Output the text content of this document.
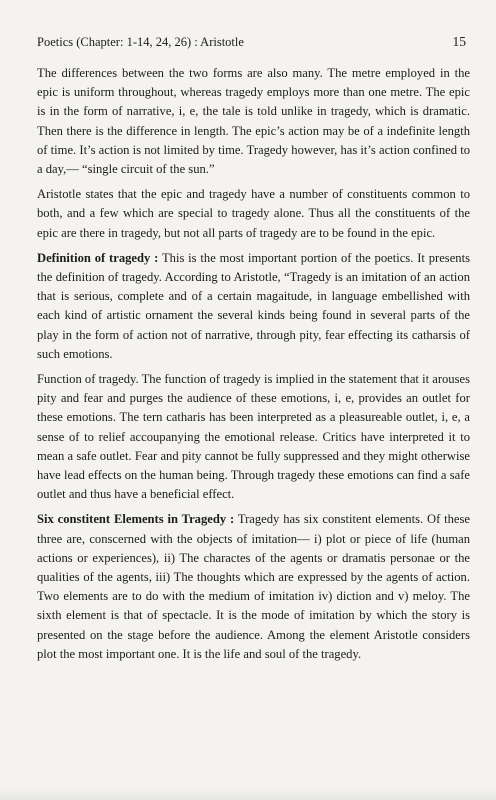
Poetics (Chapter: 1-14, 24, 26) : Aristotle	15

The differences between the two forms are also many. The metre employed in the epic is uniform throughout, whereas tragedy employs more than one metre. The epic is in the form of narrative, i, e, the tale is told unlike in tragedy, which is dramatic. Then there is the difference in length. The epic’s action may be of a indefinite length of time. It’s action is not limited by time. Tragedy however, has it’s action confined to a day,— “single circuit of the sun.”

Aristotle states that the epic and tragedy have a number of constituents common to both, and a few which are special to tragedy alone. Thus all the constituents of the epic are there in tragedy, but not all parts of tragedy are to be found in the epic.

Definition of tragedy : This is the most important portion of the poetics. It presents the definition of tragedy. According to Aristotle, “Tragedy is an imitation of an action that is serious, complete and of a certain magaitude, in language embellished with each kind of artistic ornament the several kinds being found in several parts of the play in the form of action not of narrative, through pity, fear effecting its catharsis of such emotions.

Function of tragedy. The function of tragedy is implied in the statement that it arouses pity and fear and purges the audience of these emotions, i, e, provides an outlet for these emotions. The tern catharis has been interpreted as a pleasureable outlet, i, e, a sense of to relief accoupanying the emotional release. Critics have interpreted it to mean a safe outlet. Fear and pity cannot be fully suppressed and they might otherwise have lead effects on the human being. Through tragedy these emotions can find a safe outlet and thus have a beneficial effect.

Six constitent Elements in Tragedy : Tragedy has six constitent elements. Of these three are, conscerned with the objects of imitation— i) plot or piece of life (human actions or experiences), ii) The charactes of the agents or dramatis personae or the qualities of the agents, iii) The thoughts which are expressed by the agents of action. Two elements are to do with the medium of imitation iv) diction and v) meloy. The sixth element is that of spectacle. It is the mode of imitation by which the story is presented on the stage before the audience. Among the element Aristotle considers plot the most important one. It is the life and soul of the tragedy.
